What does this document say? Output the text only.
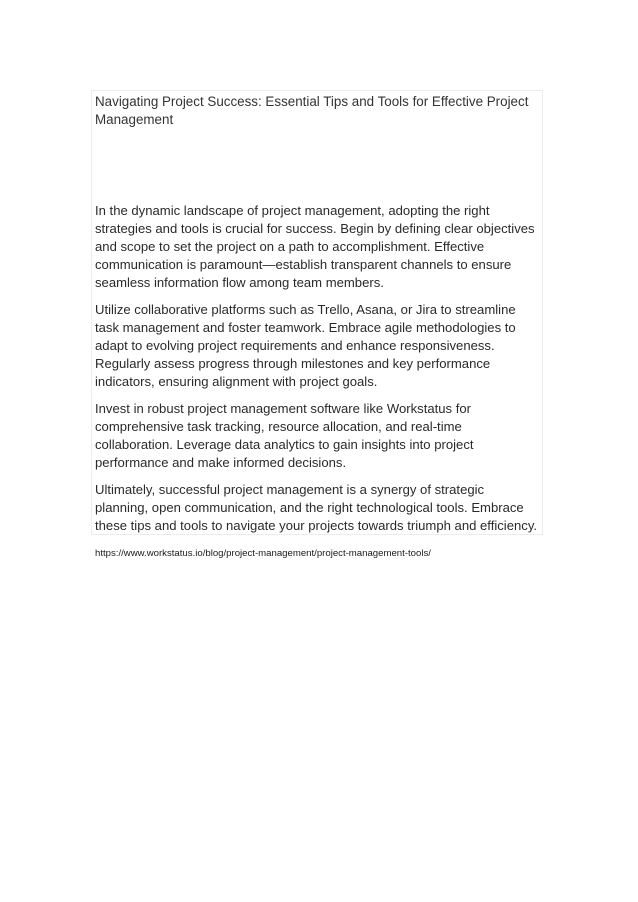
Navigating Project Success: Essential Tips and Tools for Effective Project Management

In the dynamic landscape of project management, adopting the right strategies and tools is crucial for success. Begin by defining clear objectives and scope to set the project on a path to accomplishment. Effective communication is paramount—establish transparent channels to ensure seamless information flow among team members.

Utilize collaborative platforms such as Trello, Asana, or Jira to streamline task management and foster teamwork. Embrace agile methodologies to adapt to evolving project requirements and enhance responsiveness. Regularly assess progress through milestones and key performance indicators, ensuring alignment with project goals.

Invest in robust project management software like Workstatus for comprehensive task tracking, resource allocation, and real-time collaboration. Leverage data analytics to gain insights into project performance and make informed decisions.

Ultimately, successful project management is a synergy of strategic planning, open communication, and the right technological tools. Embrace these tips and tools to navigate your projects towards triumph and efficiency.

https://www.workstatus.io/blog/project-management/project-management-tools/
